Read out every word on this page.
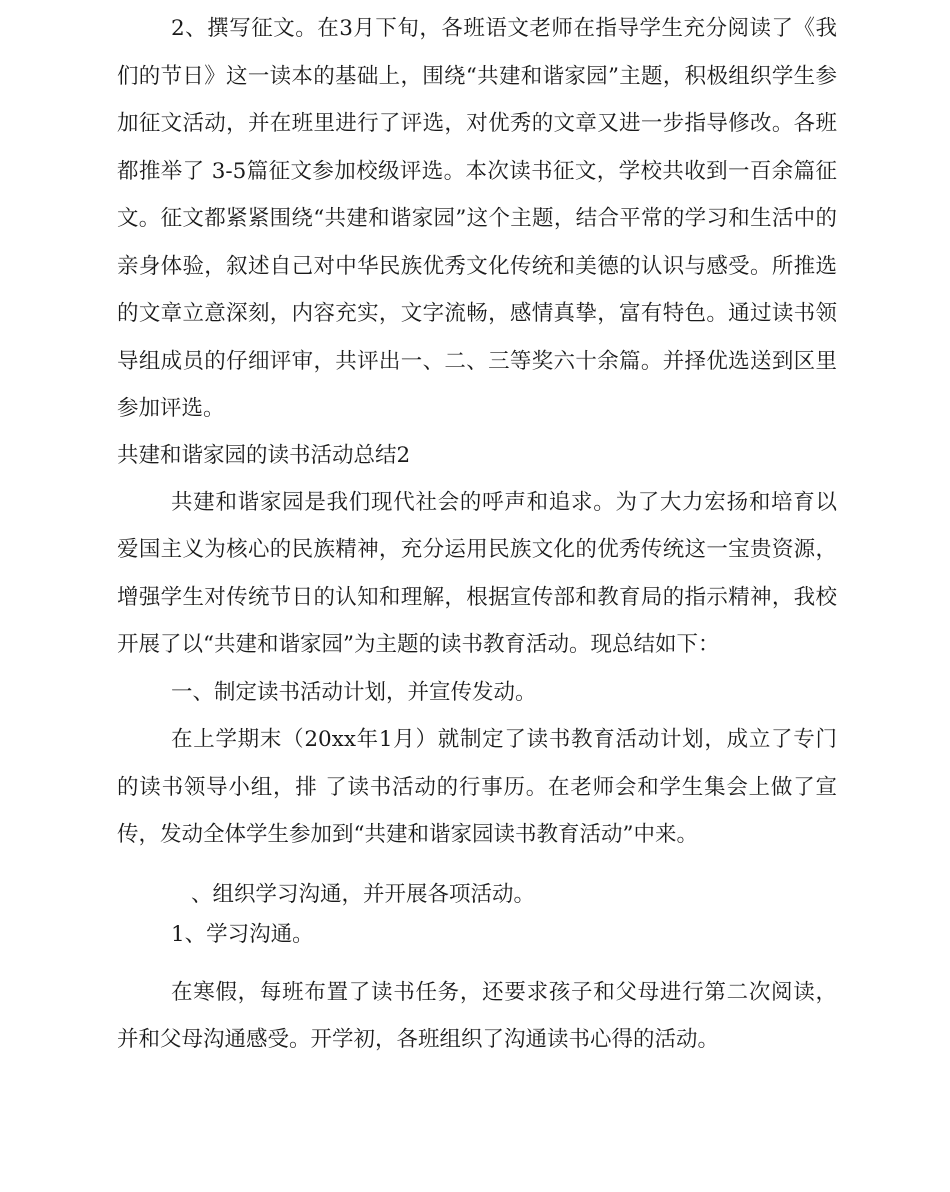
2、撰写征文。在3月下旬，各班语文老师在指导学生充分阅读了《我们的节日》这一读本的基础上，围绕“共建和谐家园”主题，积极组织学生参加征文活动，并在班里进行了评选，对优秀的文章又进一步指导修改。各班都推举了 3-5篇征文参加校级评选。本次读书征文，学校共收到一百余篇征文。征文都紧紧围绕“共建和谐家园”这个主题，结合平常的学习和生活中的亲身体验，叙述自己对中华民族优秀文化传统和美德的认识与感受。所推选的文章立意深刻，内容充实，文字流畅，感情真挚，富有特色。通过读书领导组成员的仔细评审，共评出一、二、三等奖六十余篇。并择优选送到区里参加评选。

共建和谐家园的读书活动总结2

共建和谐家园是我们现代社会的呼声和追求。为了大力宏扬和培育以爱国主义为核心的民族精神，充分运用民族文化的优秀传统这一宝贵资源，增强学生对传统节日的认知和理解，根据宣传部和教育局的指示精神，我校开展了以“共建和谐家园”为主题的读书教育活动。现总结如下：

一、制定读书活动计划，并宣传发动。

在上学期末（20xx年1月）就制定了读书教育活动计划，成立了专门的读书领导小组，排 了读书活动的行事历。在老师会和学生集会上做了宣传，发动全体学生参加到“共建和谐家园读书教育活动”中来。

、组织学习沟通，并开展各项活动。

1、学习沟通。

在寒假，每班布置了读书任务，还要求孩子和父母进行第二次阅读，并和父母沟通感受。开学初，各班组织了沟通读书心得的活动。
